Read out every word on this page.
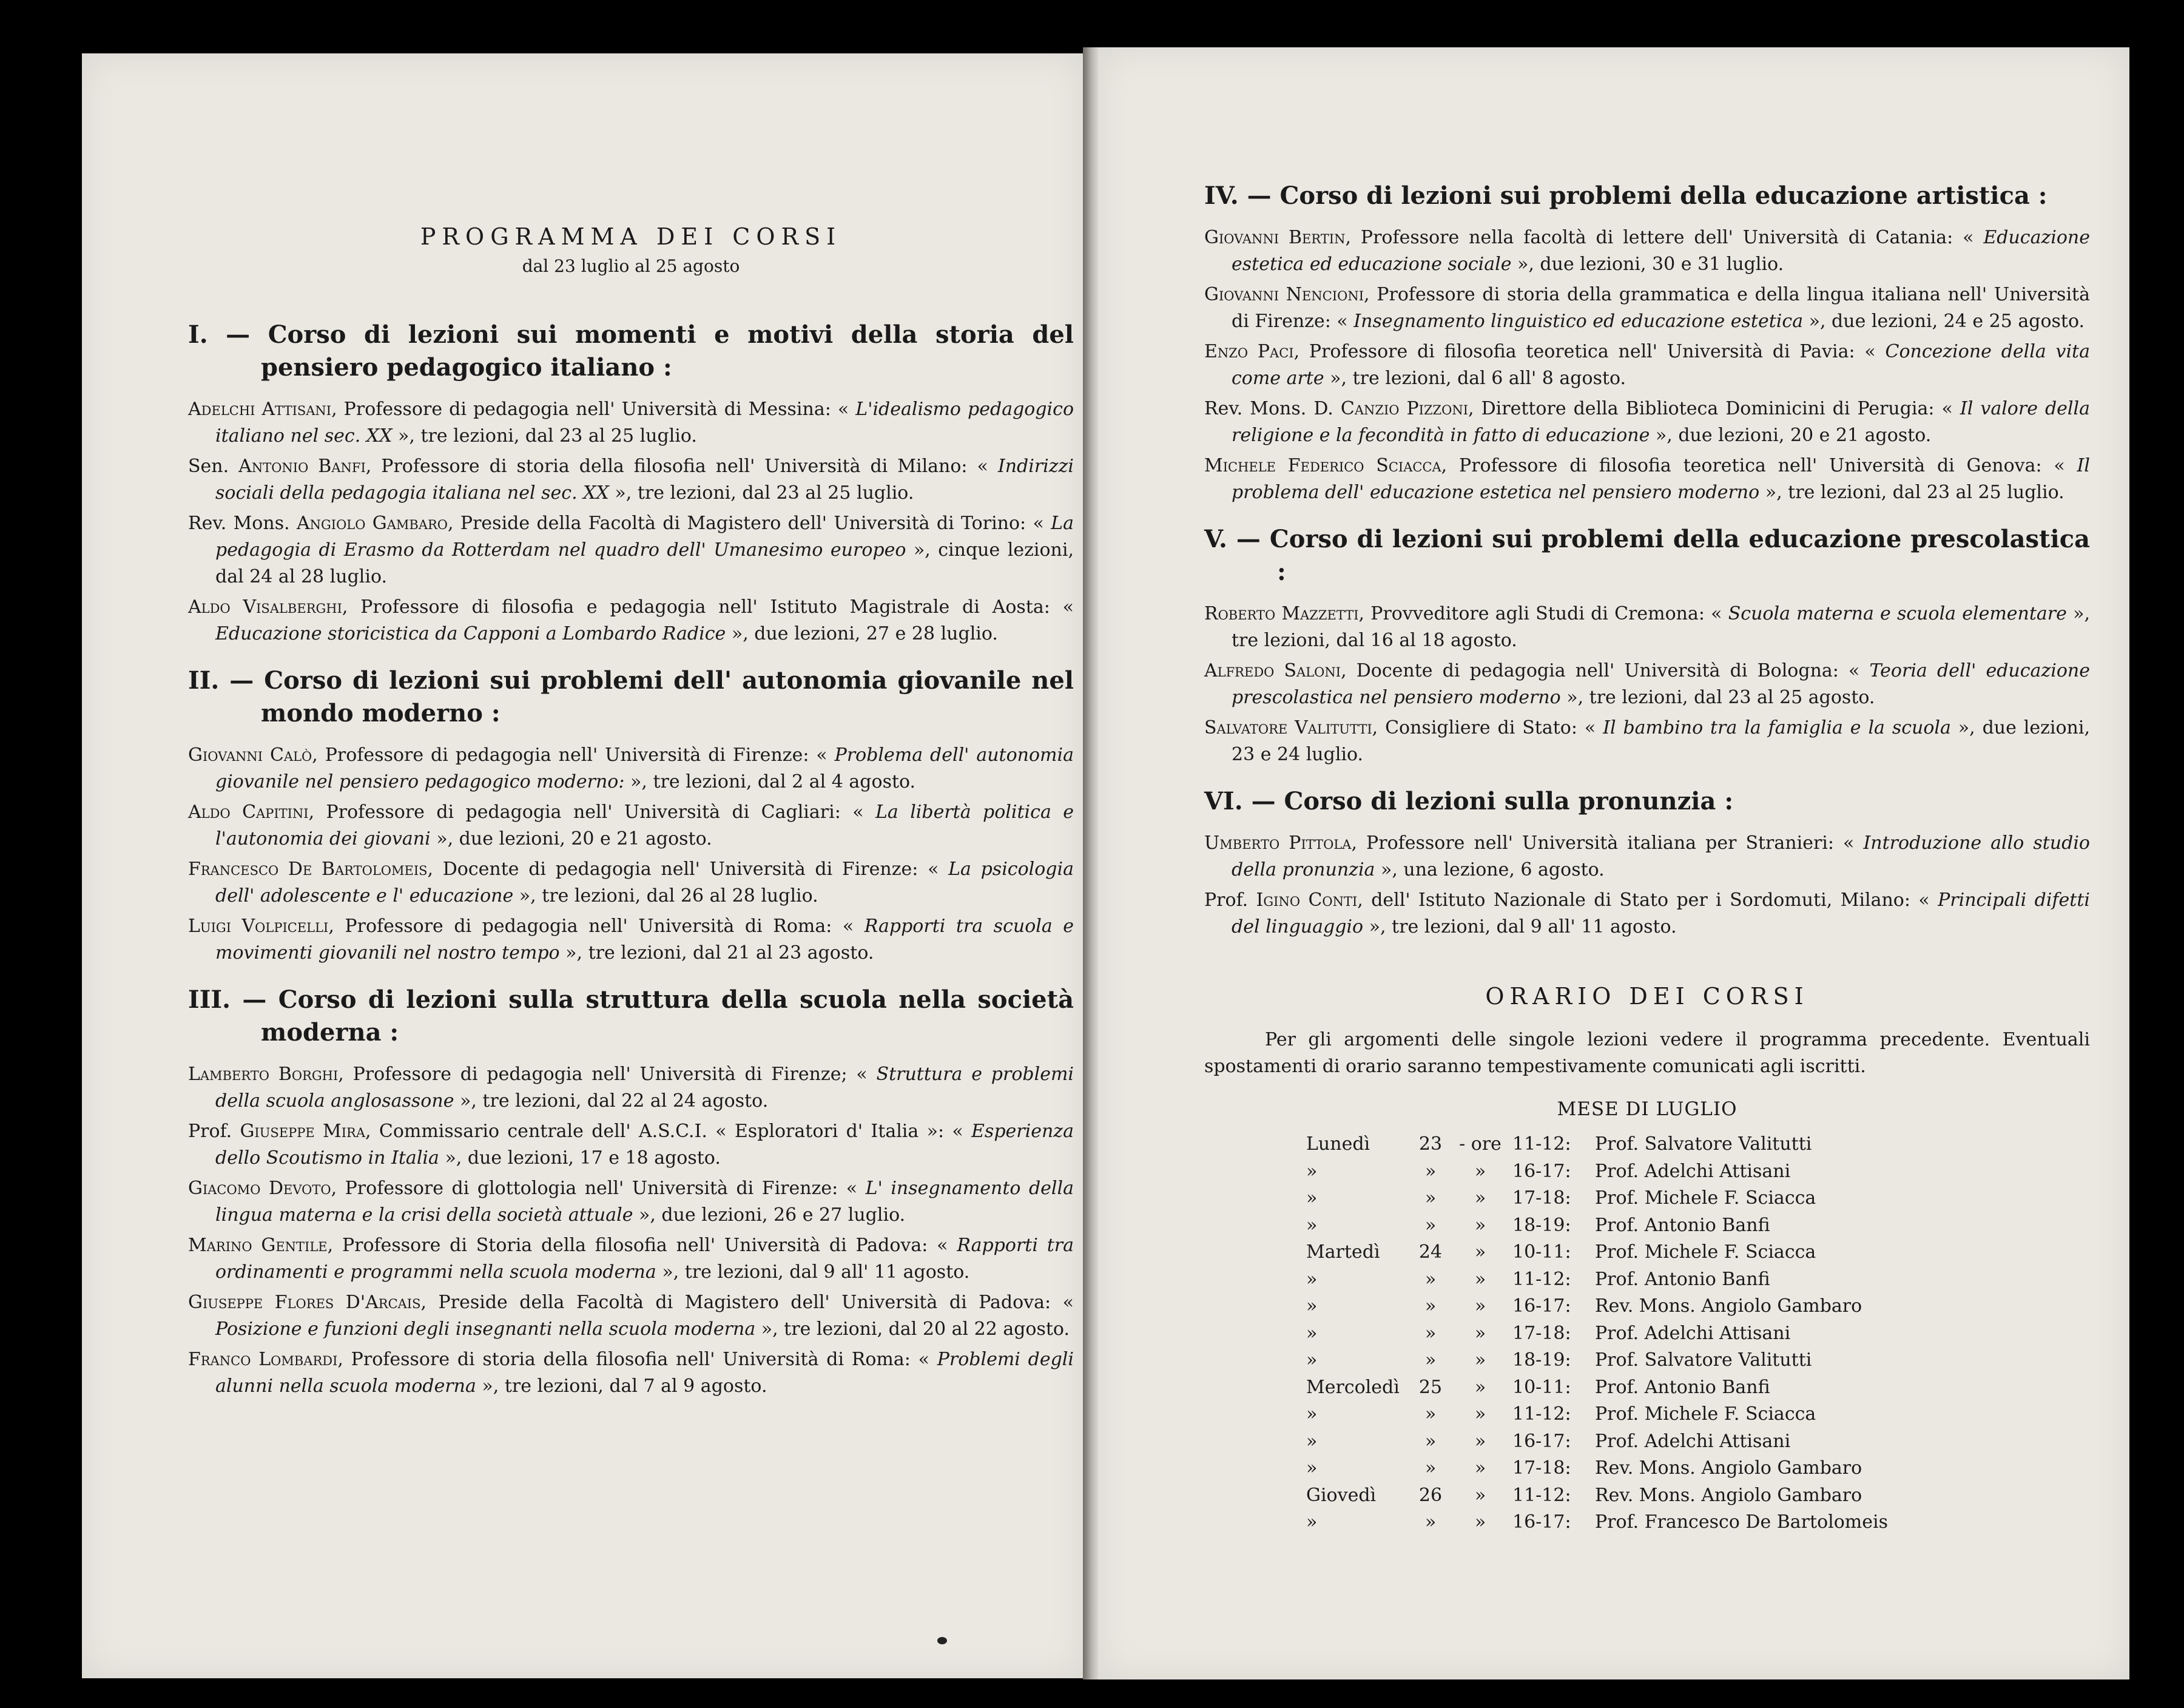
PROGRAMMA DEI CORSI
dal 23 luglio al 25 agosto
I. — Corso di lezioni sui momenti e motivi della storia del pensiero pedagogico italiano :

Adelchi Attisani, Professore di pedagogia nell' Università di Messina: « L'idealismo pedagogico italiano nel sec. XX », tre lezioni, dal 23 al 25 luglio.

Sen. Antonio Banfi, Professore di storia della filosofia nell' Università di Milano: « Indirizzi sociali della pedagogia italiana nel sec. XX », tre lezioni, dal 23 al 25 luglio.

Rev. Mons. Angiolo Gambaro, Preside della Facoltà di Magistero dell' Università di Torino: « La pedagogia di Erasmo da Rotterdam nel quadro dell' Umanesimo europeo », cinque lezioni, dal 24 al 28 luglio.

Aldo Visalberghi, Professore di filosofia e pedagogia nell' Istituto Magistrale di Aosta: « Educazione storicistica da Capponi a Lombardo Radice », due lezioni, 27 e 28 luglio.

II. — Corso di lezioni sui problemi dell' autonomia giovanile nel mondo moderno :

Giovanni Calò, Professore di pedagogia nell' Università di Firenze: « Problema dell' autonomia giovanile nel pensiero pedagogico moderno: », tre lezioni, dal 2 al 4 agosto.

Aldo Capitini, Professore di pedagogia nell' Università di Cagliari: « La libertà politica e l'autonomia dei giovani », due lezioni, 20 e 21 agosto.

Francesco De Bartolomeis, Docente di pedagogia nell' Università di Firenze: « La psicologia dell' adolescente e l' educazione », tre lezioni, dal 26 al 28 luglio.

Luigi Volpicelli, Professore di pedagogia nell' Università di Roma: « Rapporti tra scuola e movimenti giovanili nel nostro tempo », tre lezioni, dal 21 al 23 agosto.

III. — Corso di lezioni sulla struttura della scuola nella società moderna :

Lamberto Borghi, Professore di pedagogia nell' Università di Firenze; « Struttura e problemi della scuola anglosassone », tre lezioni, dal 22 al 24 agosto.

Prof. Giuseppe Mira, Commissario centrale dell' A.S.C.I. « Esploratori d' Italia »: « Esperienza dello Scoutismo in Italia », due lezioni, 17 e 18 agosto.

Giacomo Devoto, Professore di glottologia nell' Università di Firenze: « L' insegnamento della lingua materna e la crisi della società attuale », due lezioni, 26 e 27 luglio.

Marino Gentile, Professore di Storia della filosofia nell' Università di Padova: « Rapporti tra ordinamenti e programmi nella scuola moderna », tre lezioni, dal 9 all' 11 agosto.

Giuseppe Flores D'Arcais, Preside della Facoltà di Magistero dell' Università di Padova: « Posizione e funzioni degli insegnanti nella scuola moderna », tre lezioni, dal 20 al 22 agosto.

Franco Lombardi, Professore di storia della filosofia nell' Università di Roma: « Problemi degli alunni nella scuola moderna », tre lezioni, dal 7 al 9 agosto.

IV. — Corso di lezioni sui problemi della educazione artistica :

Giovanni Bertin, Professore nella facoltà di lettere dell' Università di Catania: « Educazione estetica ed educazione sociale », due lezioni, 30 e 31 luglio.

Giovanni Nencioni, Professore di storia della grammatica e della lingua italiana nell' Università di Firenze: « Insegnamento linguistico ed educazione estetica », due lezioni, 24 e 25 agosto.

Enzo Paci, Professore di filosofia teoretica nell' Università di Pavia: « Concezione della vita come arte », tre lezioni, dal 6 all' 8 agosto.

Rev. Mons. D. Canzio Pizzoni, Direttore della Biblioteca Dominicini di Perugia: « Il valore della religione e la fecondità in fatto di educazione », due lezioni, 20 e 21 agosto.

Michele Federico Sciacca, Professore di filosofia teoretica nell' Università di Genova: « Il problema dell' educazione estetica nel pensiero moderno », tre lezioni, dal 23 al 25 luglio.

V. — Corso di lezioni sui problemi della educazione prescolastica :

Roberto Mazzetti, Provveditore agli Studi di Cremona: « Scuola materna e scuola elementare », tre lezioni, dal 16 al 18 agosto.

Alfredo Saloni, Docente di pedagogia nell' Università di Bologna: « Teoria dell' educazione prescolastica nel pensiero moderno », tre lezioni, dal 23 al 25 agosto.

Salvatore Valitutti, Consigliere di Stato: « Il bambino tra la famiglia e la scuola », due lezioni, 23 e 24 luglio.

VI. — Corso di lezioni sulla pronunzia :

Umberto Pittola, Professore nell' Università italiana per Stranieri: « Introduzione allo studio della pronunzia », una lezione, 6 agosto.

Prof. Igino Conti, dell' Istituto Nazionale di Stato per i Sordomuti, Milano: « Principali difetti del linguaggio », tre lezioni, dal 9 all' 11 agosto.

ORARIO DEI CORSI

Per gli argomenti delle singole lezioni vedere il programma precedente. Eventuali spostamenti di orario saranno tempestivamente comunicati agli iscritti.

MESE DI LUGLIO
Lunedì	23	- ore	11-12:	Prof. Salvatore Valitutti
»	»	»	16-17:	Prof. Adelchi Attisani
»	»	»	17-18:	Prof. Michele F. Sciacca
»	»	»	18-19:	Prof. Antonio Banfi
Martedì	24	»	10-11:	Prof. Michele F. Sciacca
»	»	»	11-12:	Prof. Antonio Banfi
»	»	»	16-17:	Rev. Mons. Angiolo Gambaro
»	»	»	17-18:	Prof. Adelchi Attisani
»	»	»	18-19:	Prof. Salvatore Valitutti
Mercoledì	25	»	10-11:	Prof. Antonio Banfi
»	»	»	11-12:	Prof. Michele F. Sciacca
»	»	»	16-17:	Prof. Adelchi Attisani
»	»	»	17-18:	Rev. Mons. Angiolo Gambaro
Giovedì	26	»	11-12:	Rev. Mons. Angiolo Gambaro
»	»	»	16-17:	Prof. Francesco De Bartolomeis
